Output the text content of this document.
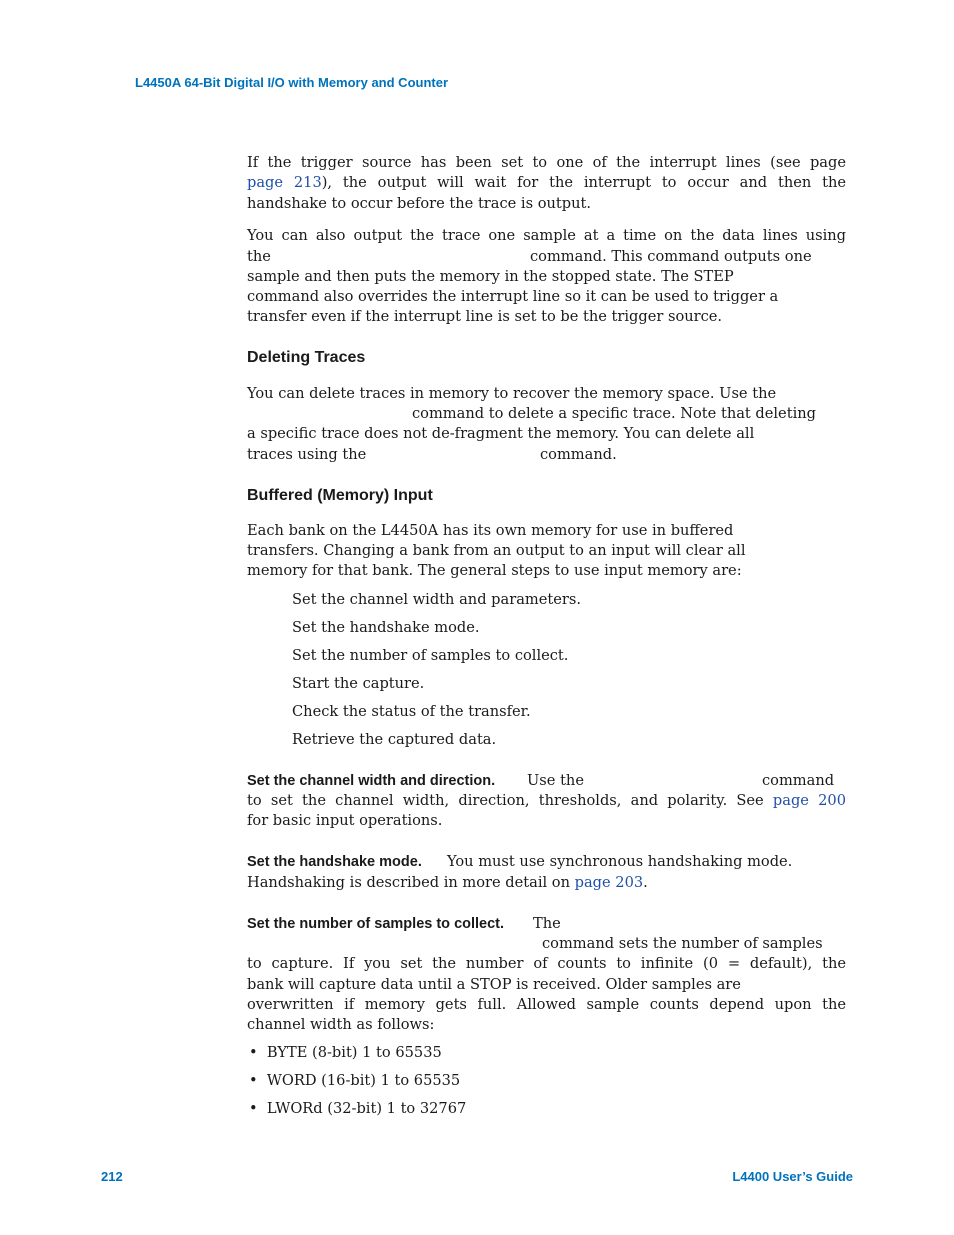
L4450A 64-Bit Digital I/O with Memory and Counter
212	L4400 User’s Guide
If the trigger source has been set to one of the interrupt lines (see page
page 213), the output will wait for the interrupt to occur and then the
handshake to occur before the trace is output.
You can also output the trace one sample at a time on the data lines using
the	command. This command outputs one
sample and then puts the memory in the stopped state. The STEP
command also overrides the interrupt line so it can be used to trigger a
transfer even if the interrupt line is set to be the trigger source.
Deleting Traces
You can delete traces in memory to recover the memory space. Use the
command to delete a specific trace. Note that deleting
a specific trace does not de-fragment the memory. You can delete all
traces using the	command.
Buffered (Memory) Input
Each bank on the L4450A has its own memory for use in buffered
transfers. Changing a bank from an output to an input will clear all
memory for that bank. The general steps to use input memory are:
Set the channel width and parameters.
Set the handshake mode.
Set the number of samples to collect.
Start the capture.
Check the status of the transfer.
Retrieve the captured data.
Set the channel width and direction. Use the	command
to set the channel width, direction, thresholds, and polarity. See page 200
for basic input operations.
Set the handshake mode. You must use synchronous handshaking mode.
Handshaking is described in more detail on page 203.
Set the number of samples to collect. The
command sets the number of samples
to capture. If you set the number of counts to infinite (0 = default), the
bank will capture data until a STOP is received. Older samples are
overwritten if memory gets full. Allowed sample counts depend upon the
channel width as follows:
•  BYTE (8-bit) 1 to 65535
•  WORD (16-bit) 1 to 65535
•  LWORd (32-bit) 1 to 32767
